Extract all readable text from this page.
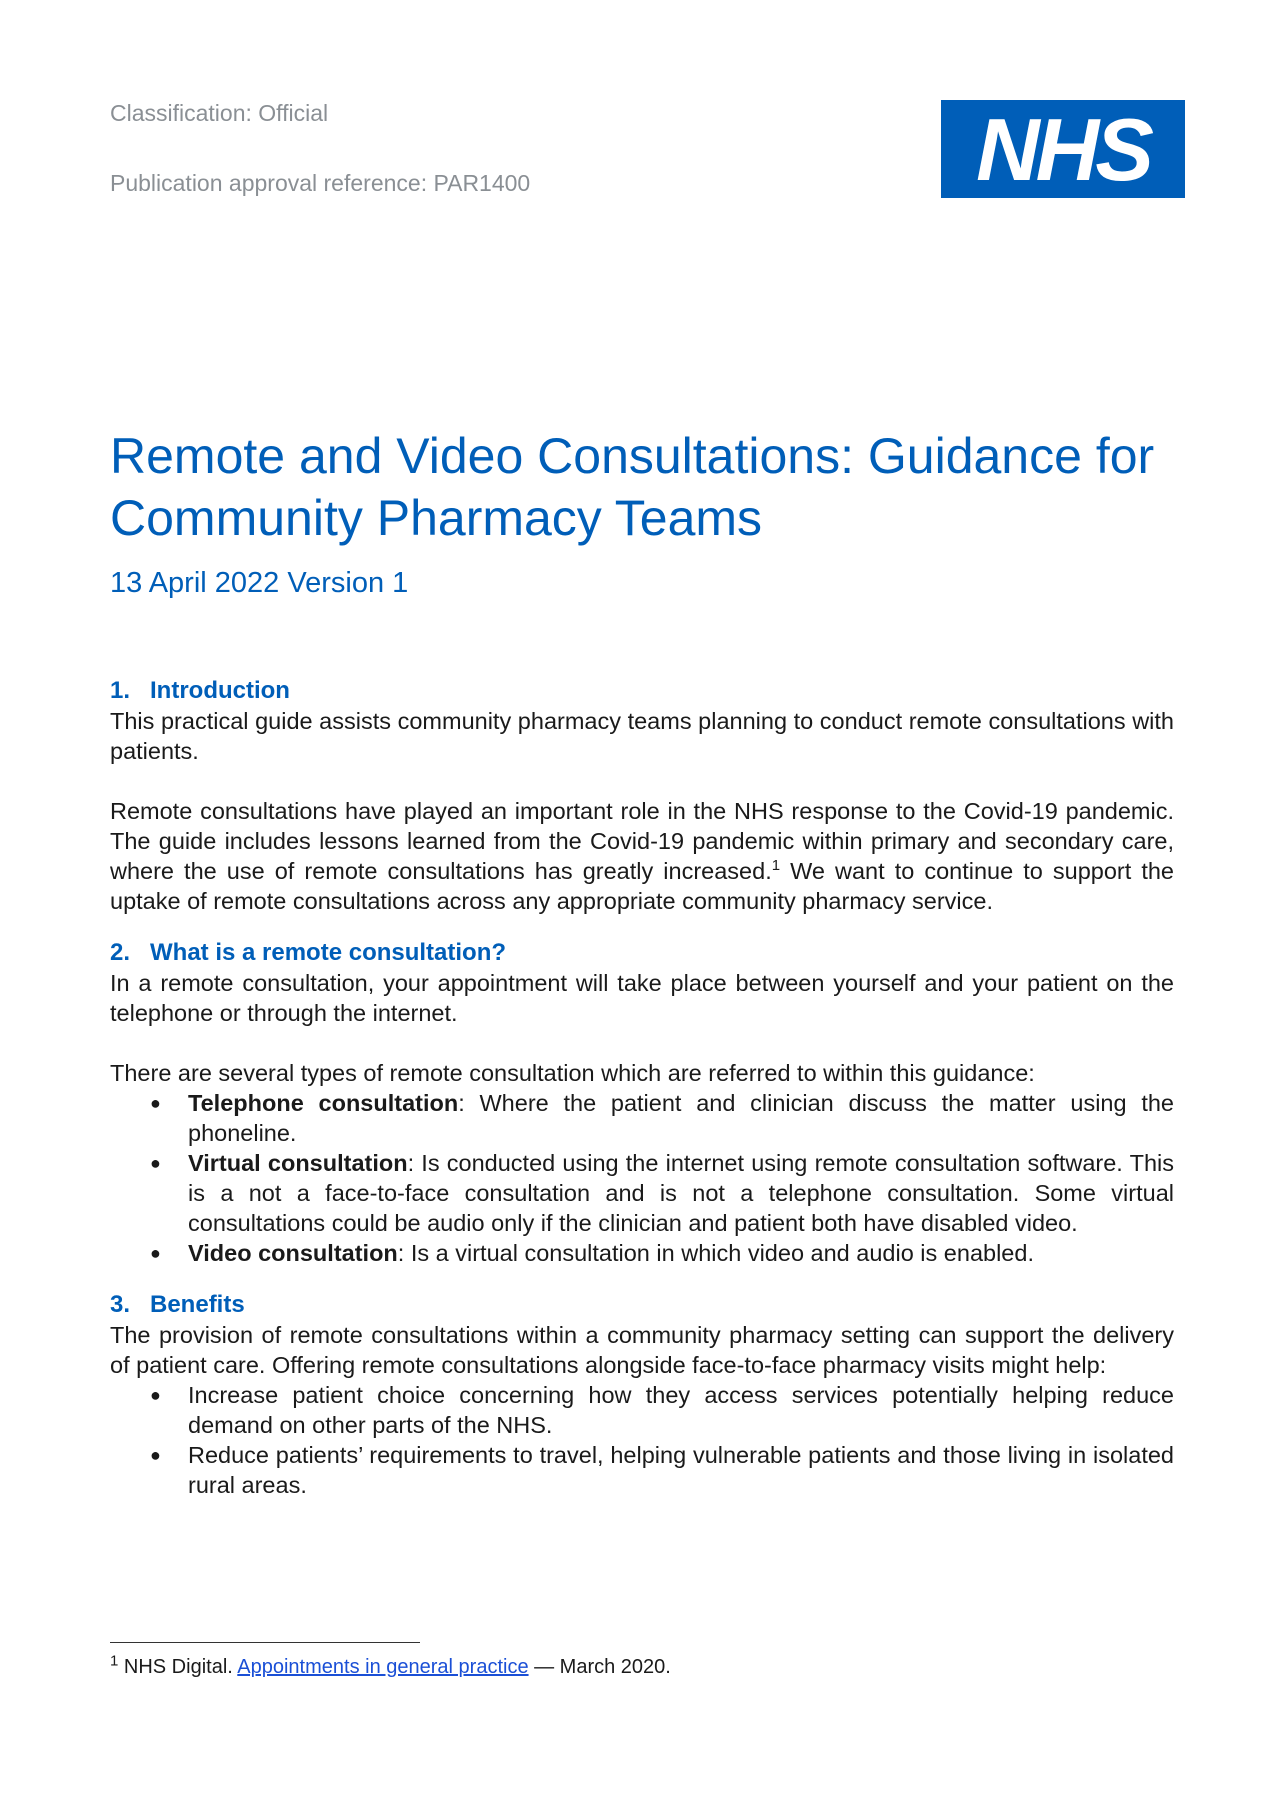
Classification: Official
Publication approval reference: PAR1400	NHS
Remote and Video Consultations: Guidance for Community Pharmacy Teams
13 April 2022 Version 1
1. Introduction

This practical guide assists community pharmacy teams planning to conduct remote consultations with patients.

Remote consultations have played an important role in the NHS response to the Covid-19 pandemic. The guide includes lessons learned from the Covid-19 pandemic within primary and secondary care, where the use of remote consultations has greatly increased.$^1$ We want to continue to support the uptake of remote consultations across any appropriate community pharmacy service.

2. What is a remote consultation?

In a remote consultation, your appointment will take place between yourself and your patient on the telephone or through the internet.

There are several types of remote consultation which are referred to within this guidance:

● Telephone consultation: Where the patient and clinician discuss the matter using the phoneline.
● Virtual consultation: Is conducted using the internet using remote consultation software. This is a not a face-to-face consultation and is not a telephone consultation. Some virtual consultations could be audio only if the clinician and patient both have disabled video.
● Video consultation: Is a virtual consultation in which video and audio is enabled.
3. Benefits

The provision of remote consultations within a community pharmacy setting can support the delivery of patient care. Offering remote consultations alongside face-to-face pharmacy visits might help:

● Increase patient choice concerning how they access services potentially helping reduce demand on other parts of the NHS.
● Reduce patients’ requirements to travel, helping vulnerable patients and those living in isolated rural areas.
$^1$ NHS Digital. Appointments in general practice — March 2020.
